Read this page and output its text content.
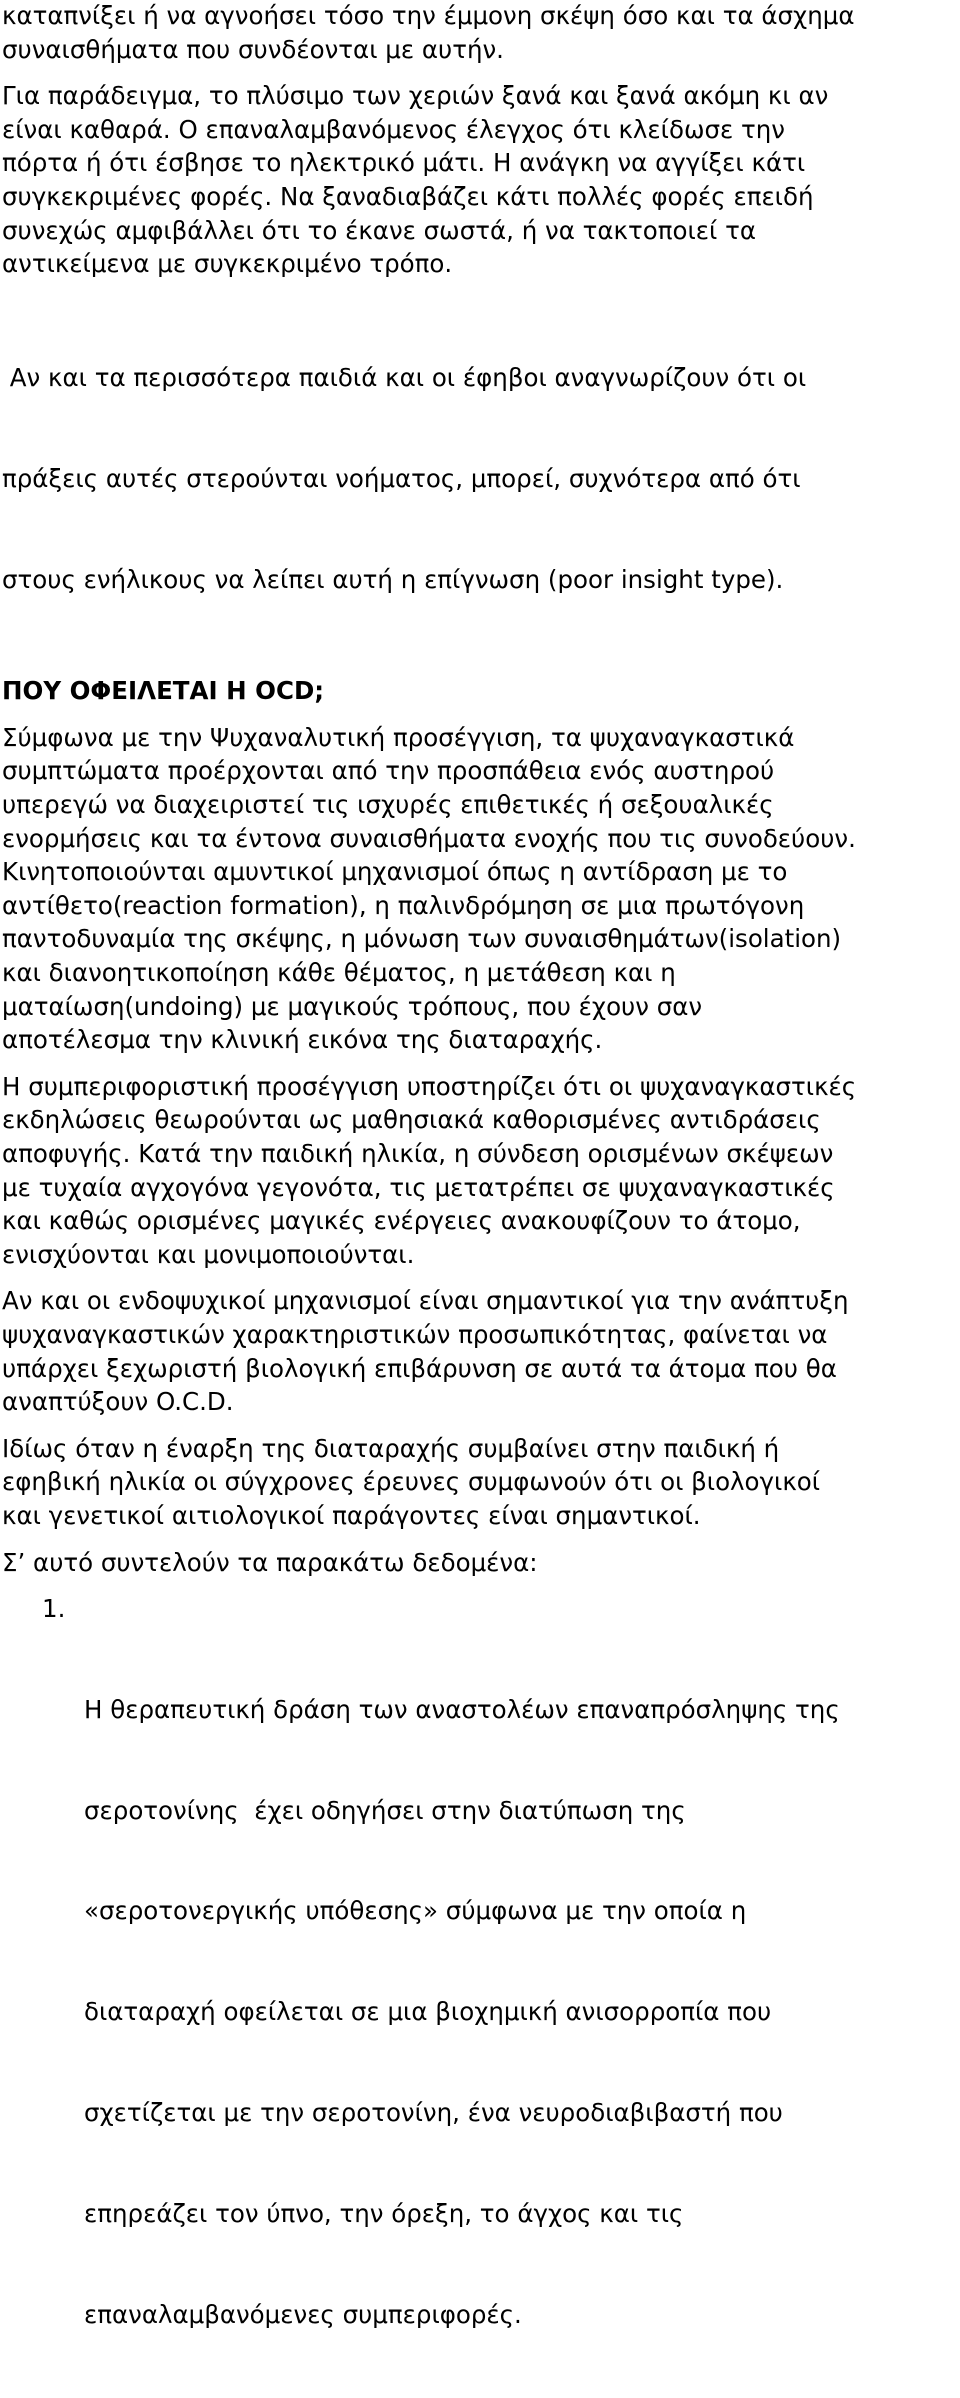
καταπνίξει ή να αγνοήσει τόσο την έμμονη σκέψη όσο και τα άσχημα
συναισθήματα που συνδέονται με αυτήν.
Για παράδειγμα, το πλύσιμο των χεριών ξανά και ξανά ακόμη κι αν
είναι καθαρά. Ο επαναλαμβανόμενος έλεγχος ότι κλείδωσε την
πόρτα ή ότι έσβησε το ηλεκτρικό μάτι. Η ανάγκη να αγγίξει κάτι
συγκεκριμένες φορές. Να ξαναδιαβάζει κάτι πολλές φορές επειδή
συνεχώς αμφιβάλλει ότι το έκανε σωστά, ή να τακτοποιεί τα
αντικείμενα με συγκεκριμένο τρόπο.

Αν και τα περισσότερα παιδιά και οι έφηβοι αναγνωρίζουν ότι οι

πράξεις αυτές στερούνται νοήματος, μπορεί, συχνότερα από ότι

στους ενήλικους να λείπει αυτή η επίγνωση (poor insight type).

ΠΟΥ ΟΦΕΙΛΕΤΑΙ Η OCD;
Σύμφωνα με την Ψυχαναλυτική προσέγγιση, τα ψυχαναγκαστικά
συμπτώματα προέρχονται από την προσπάθεια ενός αυστηρού
υπερεγώ να διαχειριστεί τις ισχυρές επιθετικές ή σεξουαλικές
ενορμήσεις και τα έντονα συναισθήματα ενοχής που τις συνοδεύουν.
Κινητοποιούνται αμυντικοί μηχανισμοί όπως η αντίδραση με το
αντίθετο(reaction formation), η παλινδρόμηση σε μια πρωτόγονη
παντοδυναμία της σκέψης, η μόνωση των συναισθημάτων(isolation)
και διανοητικοποίηση κάθε θέματος, η μετάθεση και η
ματαίωση(undoing) με μαγικούς τρόπους, που έχουν σαν
αποτέλεσμα την κλινική εικόνα της διαταραχής.
Η συμπεριφοριστική προσέγγιση υποστηρίζει ότι οι ψυχαναγκαστικές
εκδηλώσεις θεωρούνται ως μαθησιακά καθορισμένες αντιδράσεις
αποφυγής. Κατά την παιδική ηλικία, η σύνδεση ορισμένων σκέψεων
με τυχαία αγχογόνα γεγονότα, τις μετατρέπει σε ψυχαναγκαστικές
και καθώς ορισμένες μαγικές ενέργειες ανακουφίζουν το άτομο,
ενισχύονται και μονιμοποιούνται.
Αν και οι ενδοψυχικοί μηχανισμοί είναι σημαντικοί για την ανάπτυξη
ψυχαναγκαστικών χαρακτηριστικών προσωπικότητας, φαίνεται να
υπάρχει ξεχωριστή βιολογική επιβάρυνση σε αυτά τα άτομα που θα
αναπτύξουν O.C.D.
Ιδίως όταν η έναρξη της διαταραχής συμβαίνει στην παιδική ή
εφηβική ηλικία οι σύγχρονες έρευνες συμφωνούν ότι οι βιολογικοί
και γενετικοί αιτιολογικοί παράγοντες είναι σημαντικοί.
Σ’ αυτό συντελούν τα παρακάτω δεδομένα:

1.

Η θεραπευτική δράση των αναστολέων επαναπρόσληψης της

σεροτονίνης  έχει οδηγήσει στην διατύπωση της

«σεροτονεργικής υπόθεσης» σύμφωνα με την οποία η

διαταραχή οφείλεται σε μια βιοχημική ανισορροπία που

σχετίζεται με την σεροτονίνη, ένα νευροδιαβιβαστή που

επηρεάζει τον ύπνο, την όρεξη, το άγχος και τις

επαναλαμβανόμενες συμπεριφορές.
